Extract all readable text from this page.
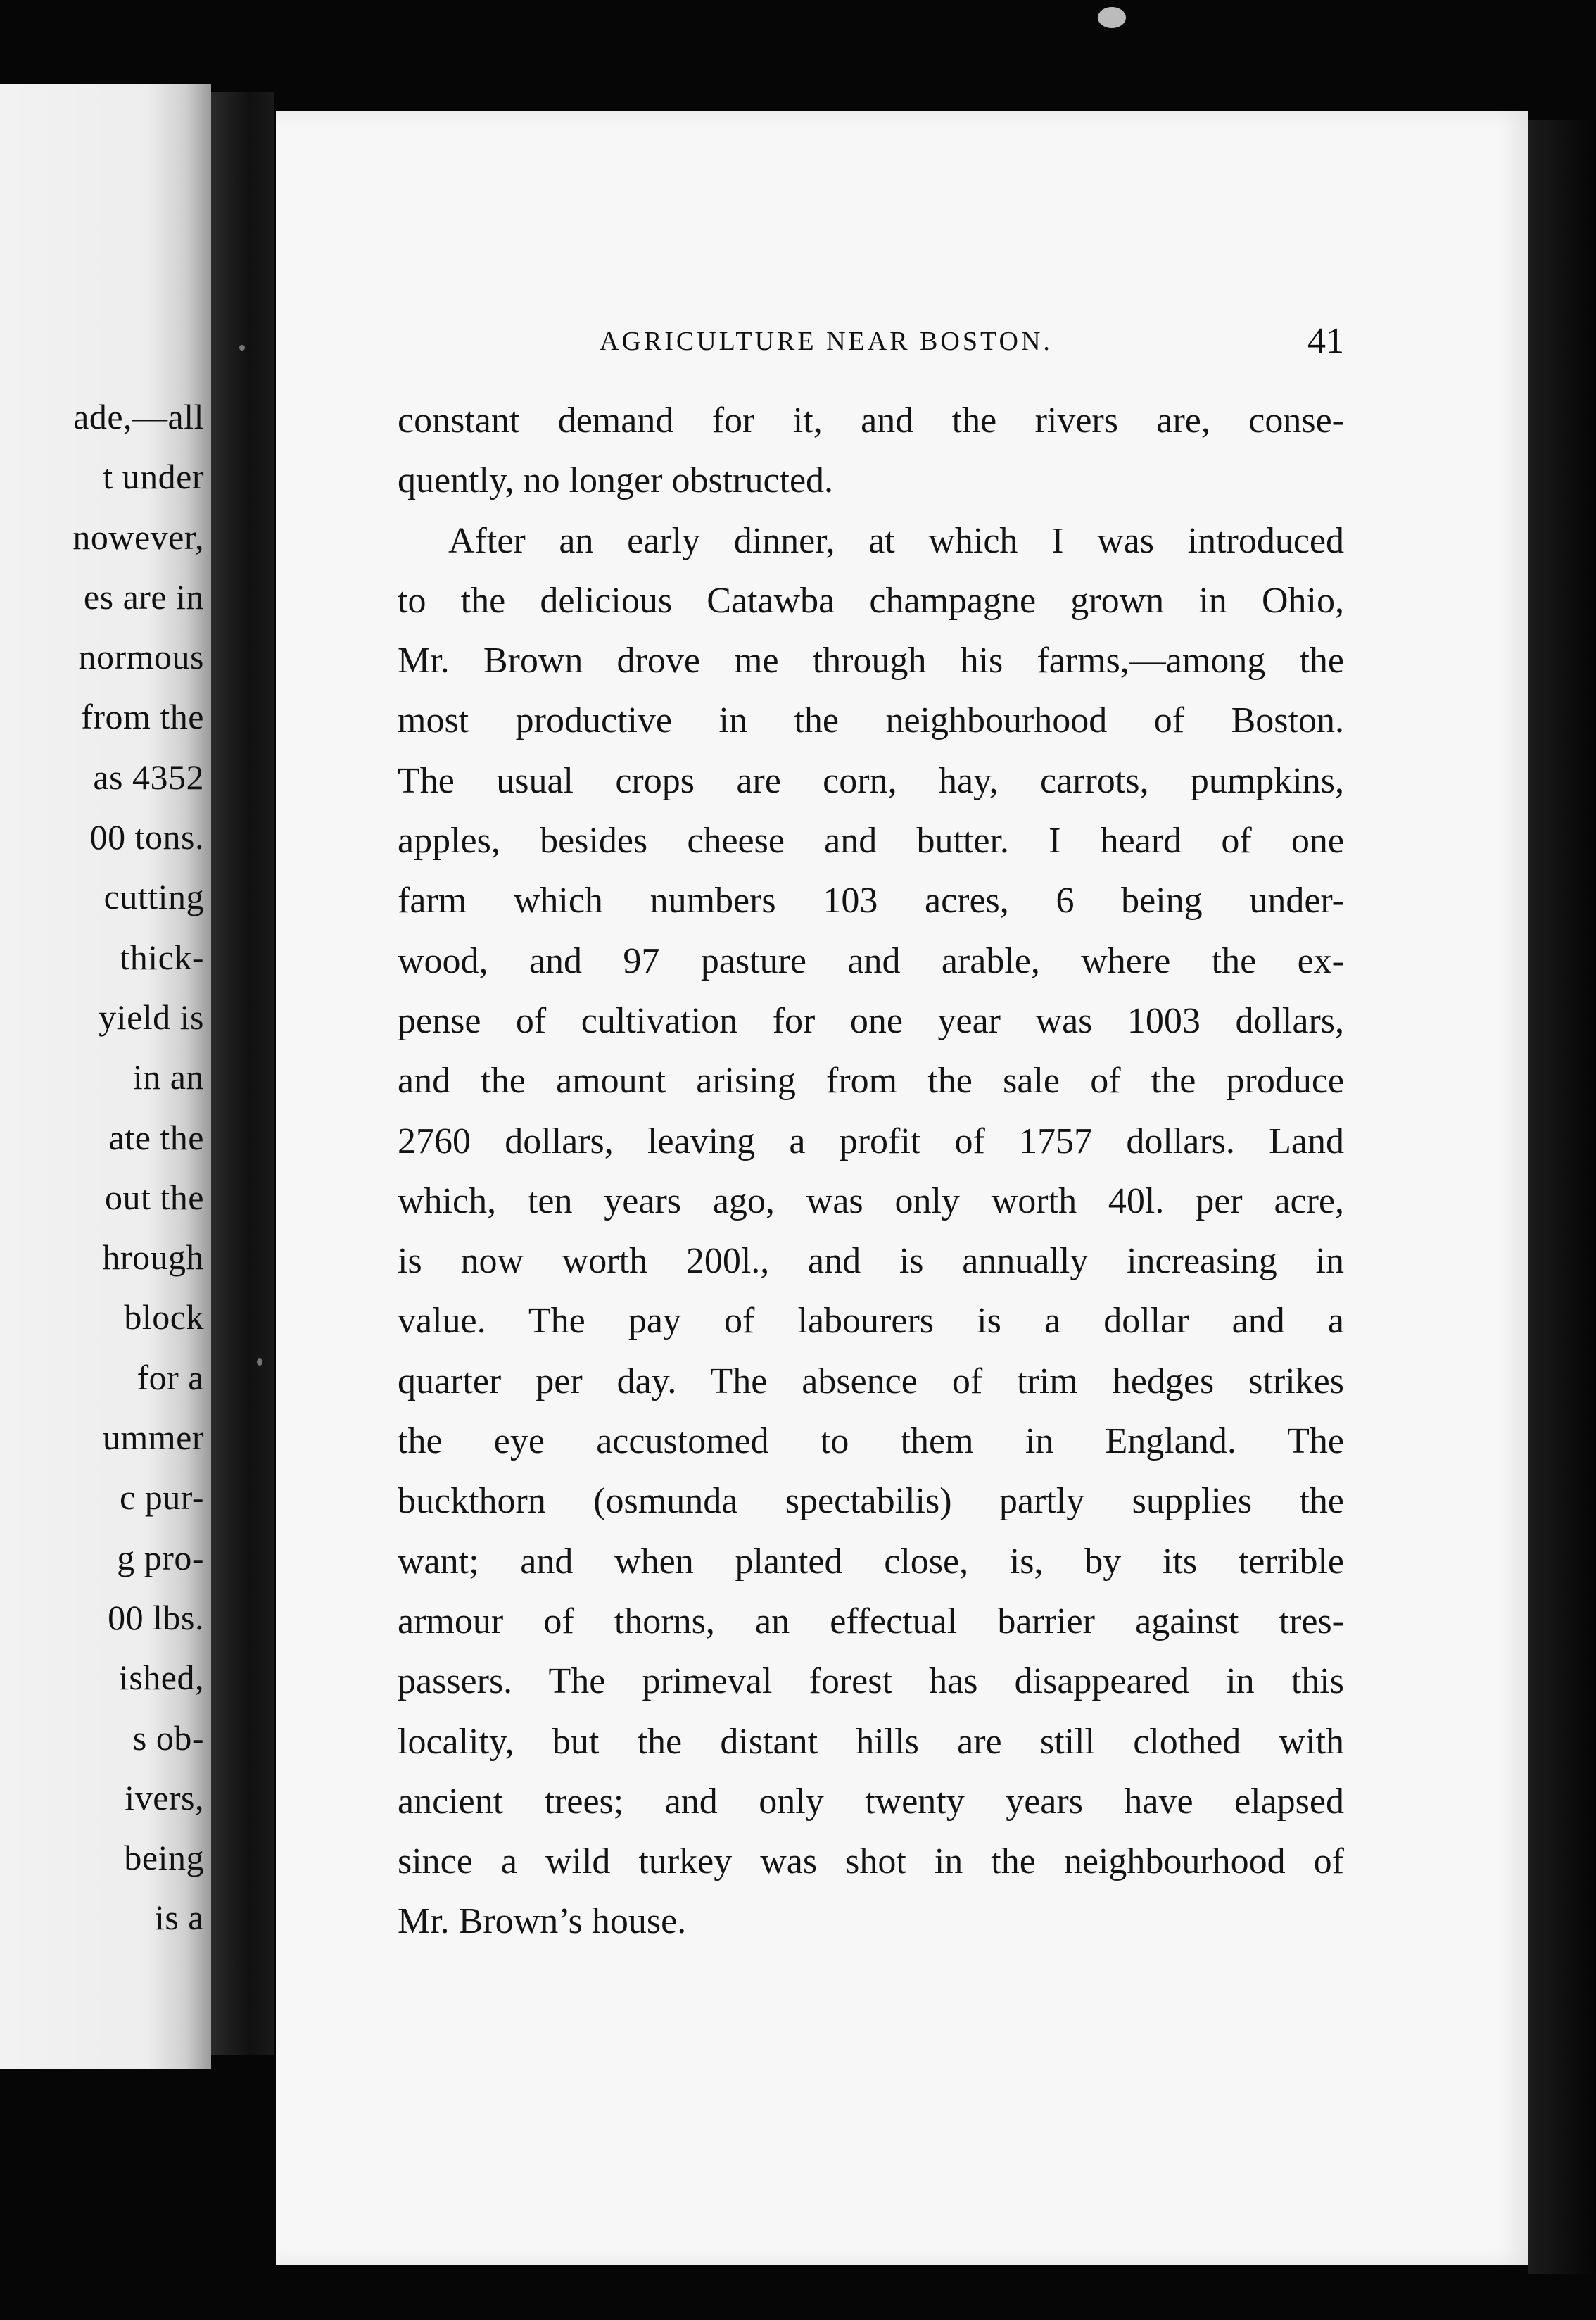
ade,—all
t under
nowever,
es are in
normous
from the
as 4352
00 tons.
cutting
thick-
yield is
in an
ate the
out the
hrough
block
for a
ummer
c pur-
g pro-
00 lbs.
ished,
s ob-
ivers,
being
is a
AGRICULTURE NEAR BOSTON.	41
constant demand for it, and the rivers are, conse-
quently, no longer obstructed.
After an early dinner, at which I was introduced
to the delicious Catawba champagne grown in Ohio,
Mr. Brown drove me through his farms,—among the
most productive in the neighbourhood of Boston.
The usual crops are corn, hay, carrots, pumpkins,
apples, besides cheese and butter. I heard of one
farm which numbers 103 acres, 6 being under-
wood, and 97 pasture and arable, where the ex-
pense of cultivation for one year was 1003 dollars,
and the amount arising from the sale of the produce
2760 dollars, leaving a profit of 1757 dollars. Land
which, ten years ago, was only worth 40l. per acre,
is now worth 200l., and is annually increasing in
value. The pay of labourers is a dollar and a
quarter per day. The absence of trim hedges strikes
the eye accustomed to them in England. The
buckthorn (osmunda spectabilis) partly supplies the
want; and when planted close, is, by its terrible
armour of thorns, an effectual barrier against tres-
passers. The primeval forest has disappeared in this
locality, but the distant hills are still clothed with
ancient trees; and only twenty years have elapsed
since a wild turkey was shot in the neighbourhood of
Mr. Brown’s house.
